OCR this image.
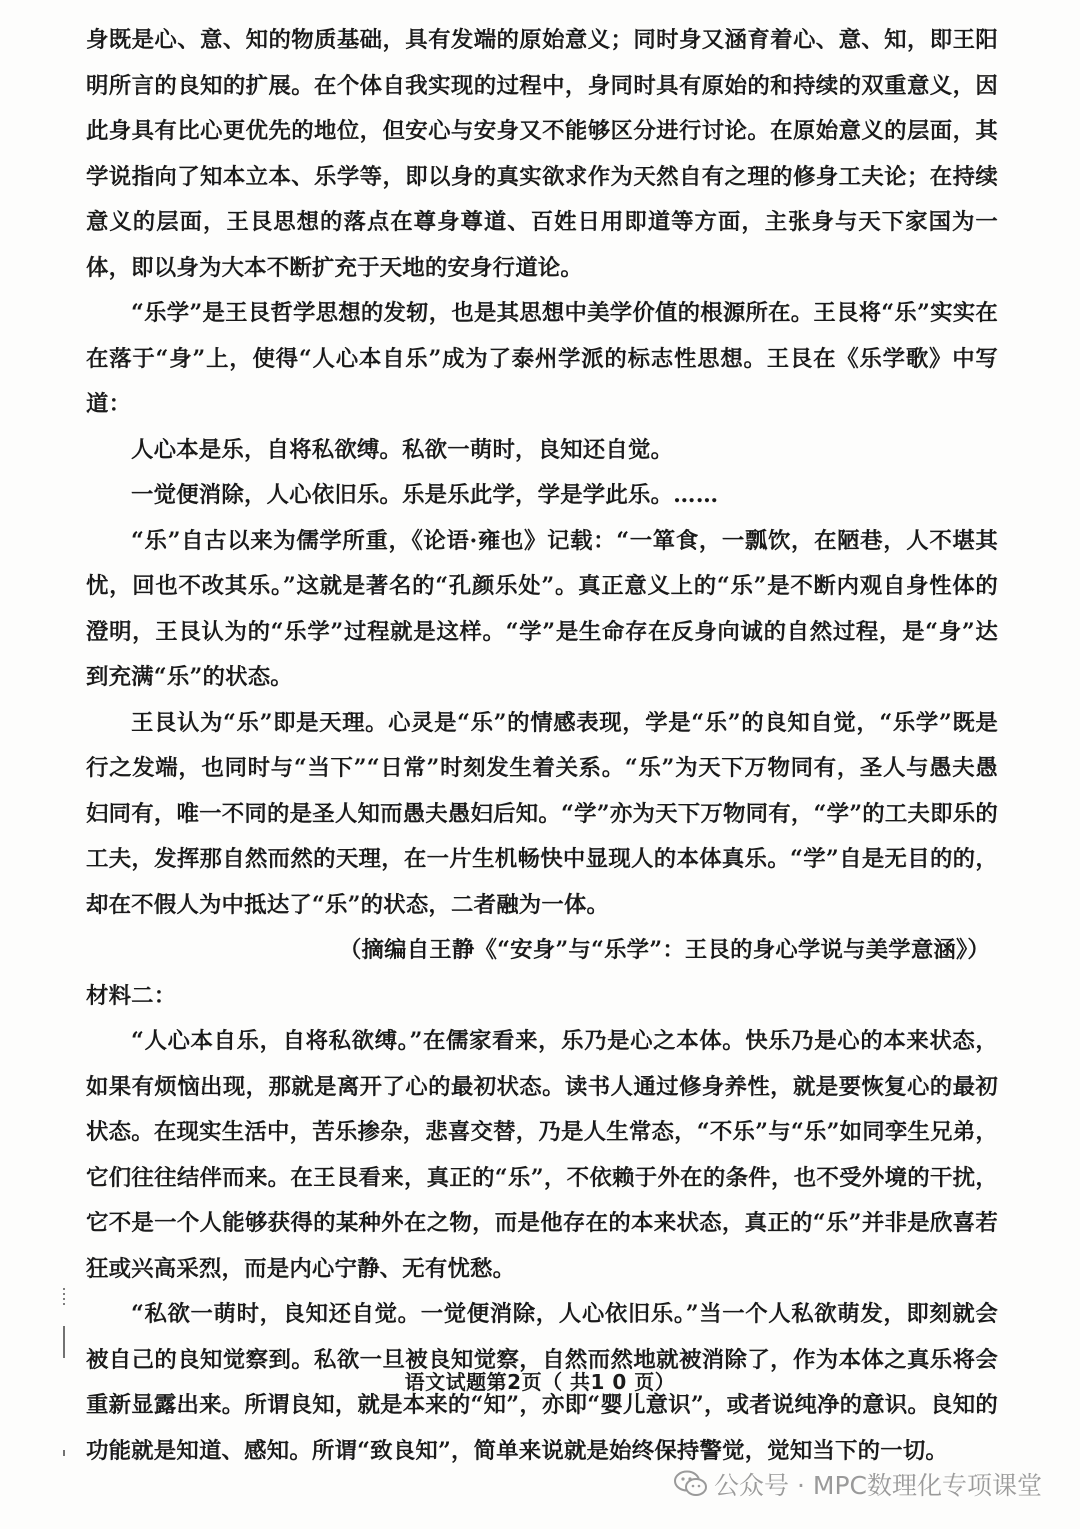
身既是心、意、知的物质基础，具有发端的原始意义；同时身又涵育着心、意、知，即王阳明所言的良知的扩展。在个体自我实现的过程中，身同时具有原始的和持续的双重意义，因此身具有比心更优先的地位，但安心与安身又不能够区分进行讨论。在原始意义的层面，其学说指向了知本立本、乐学等，即以身的真实欲求作为天然自有之理的修身工夫论；在持续意义的层面，王艮思想的落点在尊身尊道、百姓日用即道等方面，主张身与天下家国为一体，即以身为大本不断扩充于天地的安身行道论。

“乐学”是王艮哲学思想的发轫，也是其思想中美学价值的根源所在。王艮将“乐”实实在在落于“身”上，使得“人心本自乐”成为了泰州学派的标志性思想。王艮在《乐学歌》中写道：

人心本是乐，自将私欲缚。私欲一萌时，良知还自觉。

一觉便消除，人心依旧乐。乐是乐此学，学是学此乐。……

“乐”自古以来为儒学所重，《论语·雍也》记载：“一箪食，一瓢饮，在陋巷，人不堪其忧，回也不改其乐。”这就是著名的“孔颜乐处”。真正意义上的“乐”是不断内观自身性体的澄明，王艮认为的“乐学”过程就是这样。“学”是生命存在反身向诚的自然过程，是“身”达到充满“乐”的状态。

王艮认为“乐”即是天理。心灵是“乐”的情感表现，学是“乐”的良知自觉，“乐学”既是行之发端，也同时与“当下”“日常”时刻发生着关系。“乐”为天下万物同有，圣人与愚夫愚妇同有，唯一不同的是圣人知而愚夫愚妇后知。“学”亦为天下万物同有，“学”的工夫即乐的工夫，发挥那自然而然的天理，在一片生机畅快中显现人的本体真乐。“学”自是无目的的，却在不假人为中抵达了“乐”的状态，二者融为一体。

（摘编自王静《“安身”与“乐学”：王艮的身心学说与美学意涵》）

材料二：

“人心本自乐，自将私欲缚。”在儒家看来，乐乃是心之本体。快乐乃是心的本来状态，如果有烦恼出现，那就是离开了心的最初状态。读书人通过修身养性，就是要恢复心的最初状态。在现实生活中，苦乐掺杂，悲喜交替，乃是人生常态，“不乐”与“乐”如同孪生兄弟，它们往往结伴而来。在王艮看来，真正的“乐”，不依赖于外在的条件，也不受外境的干扰，它不是一个人能够获得的某种外在之物，而是他存在的本来状态，真正的“乐”并非是欣喜若狂或兴高采烈，而是内心宁静、无有忧愁。

“私欲一萌时，良知还自觉。一觉便消除，人心依旧乐。”当一个人私欲萌发，即刻就会被自己的良知觉察到。私欲一旦被良知觉察，自然而然地就被消除了，作为本体之真乐将会重新显露出来。所谓良知，就是本来的“知”，亦即“婴儿意识”，或者说纯净的意识。良知的功能就是知道、感知。所谓“致良知”，简单来说就是始终保持警觉，觉知当下的一切。

语文试题第2页（ 共1 0 页）
公众号 · MPC数理化专项课堂
